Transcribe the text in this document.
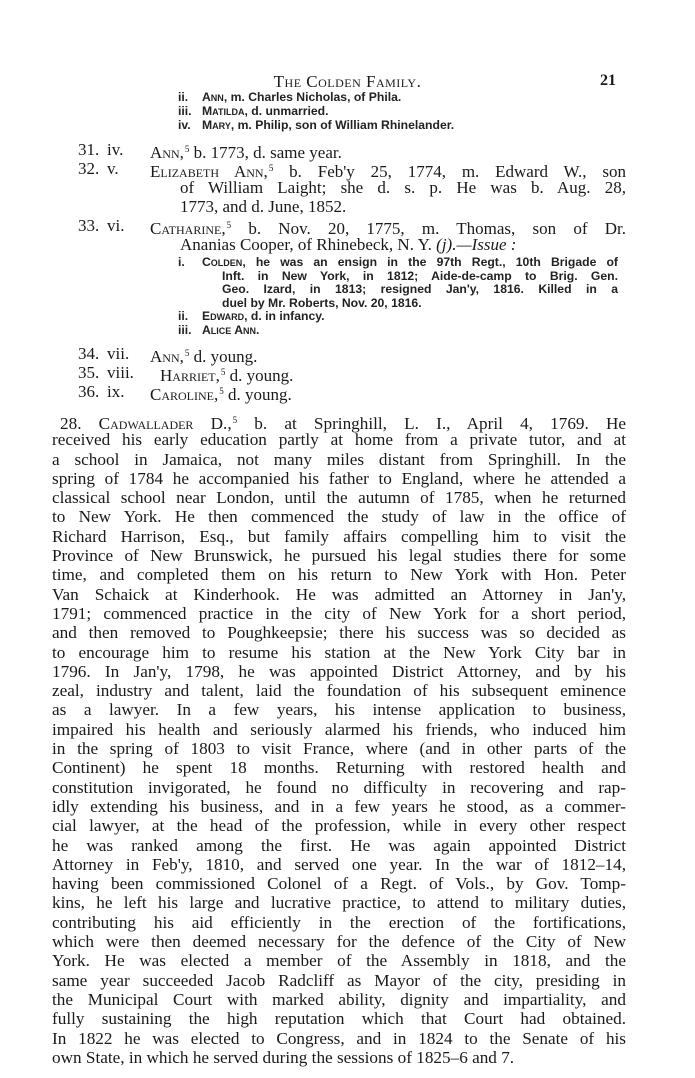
The Colden Family.	21
ii. Ann, m. Charles Nicholas, of Phila.
iii. Matilda, d. unmarried.
iv. Mary, m. Philip, son of William Rhinelander.
31. iv. Ann,$^5$ b. 1773, d. same year.
32. v. Elizabeth Ann,$^5$ b. Feb'y 25, 1774, m. Edward W., son
of William Laight; she d. s. p. He was b. Aug. 28,
1773, and d. June, 1852.
33. vi. Catharine,$^5$ b. Nov. 20, 1775, m. Thomas, son of Dr.
Ananias Cooper, of Rhinebeck, N. Y. (j).—Issue :
i. Colden, he was an ensign in the 97th Regt., 10th Brigade of
Inft. in New York, in 1812; Aide-de-camp to Brig. Gen.
Geo. Izard, in 1813; resigned Jan'y, 1816. Killed in a
duel by Mr. Roberts, Nov. 20, 1816.
ii. Edward, d. in infancy.
iii. Alice Ann.
34. vii. Ann,$^5$ d. young.
35. viii. Harriet,$^5$ d. young.
36. ix. Caroline,$^5$ d. young.
28. Cadwallader D.,$^5$ b. at Springhill, L. I., April 4, 1769. He
received his early education partly at home from a private tutor, and at
a school in Jamaica, not many miles distant from Springhill. In the
spring of 1784 he accompanied his father to England, where he attended a
classical school near London, until the autumn of 1785, when he returned
to New York. He then commenced the study of law in the office of
Richard Harrison, Esq., but family affairs compelling him to visit the
Province of New Brunswick, he pursued his legal studies there for some
time, and completed them on his return to New York with Hon. Peter
Van Schaick at Kinderhook. He was admitted an Attorney in Jan'y,
1791; commenced practice in the city of New York for a short period,
and then removed to Poughkeepsie; there his success was so decided as
to encourage him to resume his station at the New York City bar in
1796. In Jan'y, 1798, he was appointed District Attorney, and by his
zeal, industry and talent, laid the foundation of his subsequent eminence
as a lawyer. In a few years, his intense application to business,
impaired his health and seriously alarmed his friends, who induced him
in the spring of 1803 to visit France, where (and in other parts of the
Continent) he spent 18 months. Returning with restored health and
constitution invigorated, he found no difficulty in recovering and rap-
idly extending his business, and in a few years he stood, as a commer-
cial lawyer, at the head of the profession, while in every other respect
he was ranked among the first. He was again appointed District
Attorney in Feb'y, 1810, and served one year. In the war of 1812–14,
having been commissioned Colonel of a Regt. of Vols., by Gov. Tomp-
kins, he left his large and lucrative practice, to attend to military duties,
contributing his aid efficiently in the erection of the fortifications,
which were then deemed necessary for the defence of the City of New
York. He was elected a member of the Assembly in 1818, and the
same year succeeded Jacob Radcliff as Mayor of the city, presiding in
the Municipal Court with marked ability, dignity and impartiality, and
fully sustaining the high reputation which that Court had obtained.
In 1822 he was elected to Congress, and in 1824 to the Senate of his
own State, in which he served during the sessions of 1825–6 and 7.
